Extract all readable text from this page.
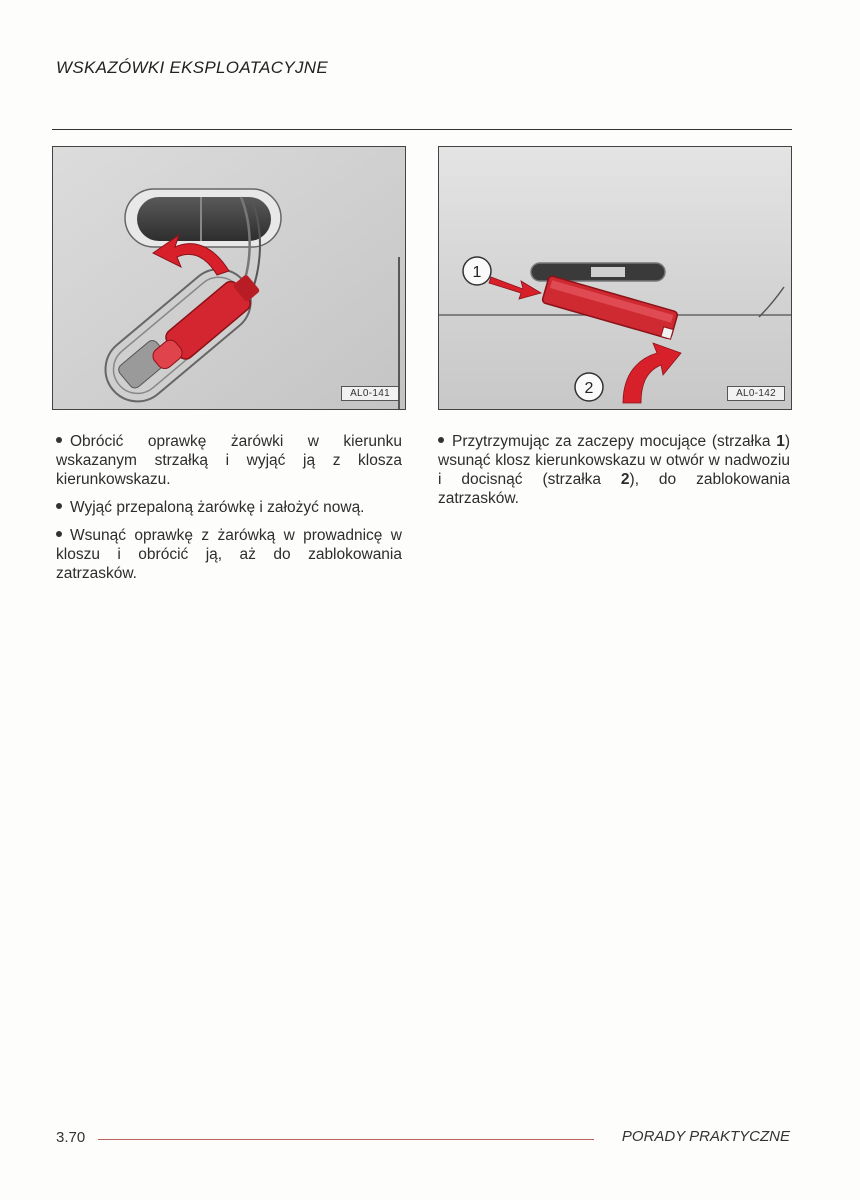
WSKAZÓWKI EKSPLOATACYJNE
AL0-141
1
2	AL0-142

Obrócić oprawkę żarówki w kierunku wskazanym strzałką i wyjąć ją z klosza kierunkowskazu.

Wyjąć przepaloną żarówkę i założyć nową.

Wsunąć oprawkę z żarówką w prowadnicę w kloszu i obrócić ją, aż do zablokowania zatrzasków.

Przytrzymując za zaczepy mocujące (strzałka 1) wsunąć klosz kierunkowskazu w otwór w nadwoziu i docisnąć (strzałka 2), do zablokowania zatrzasków.

3.70	PORADY PRAKTYCZNE
